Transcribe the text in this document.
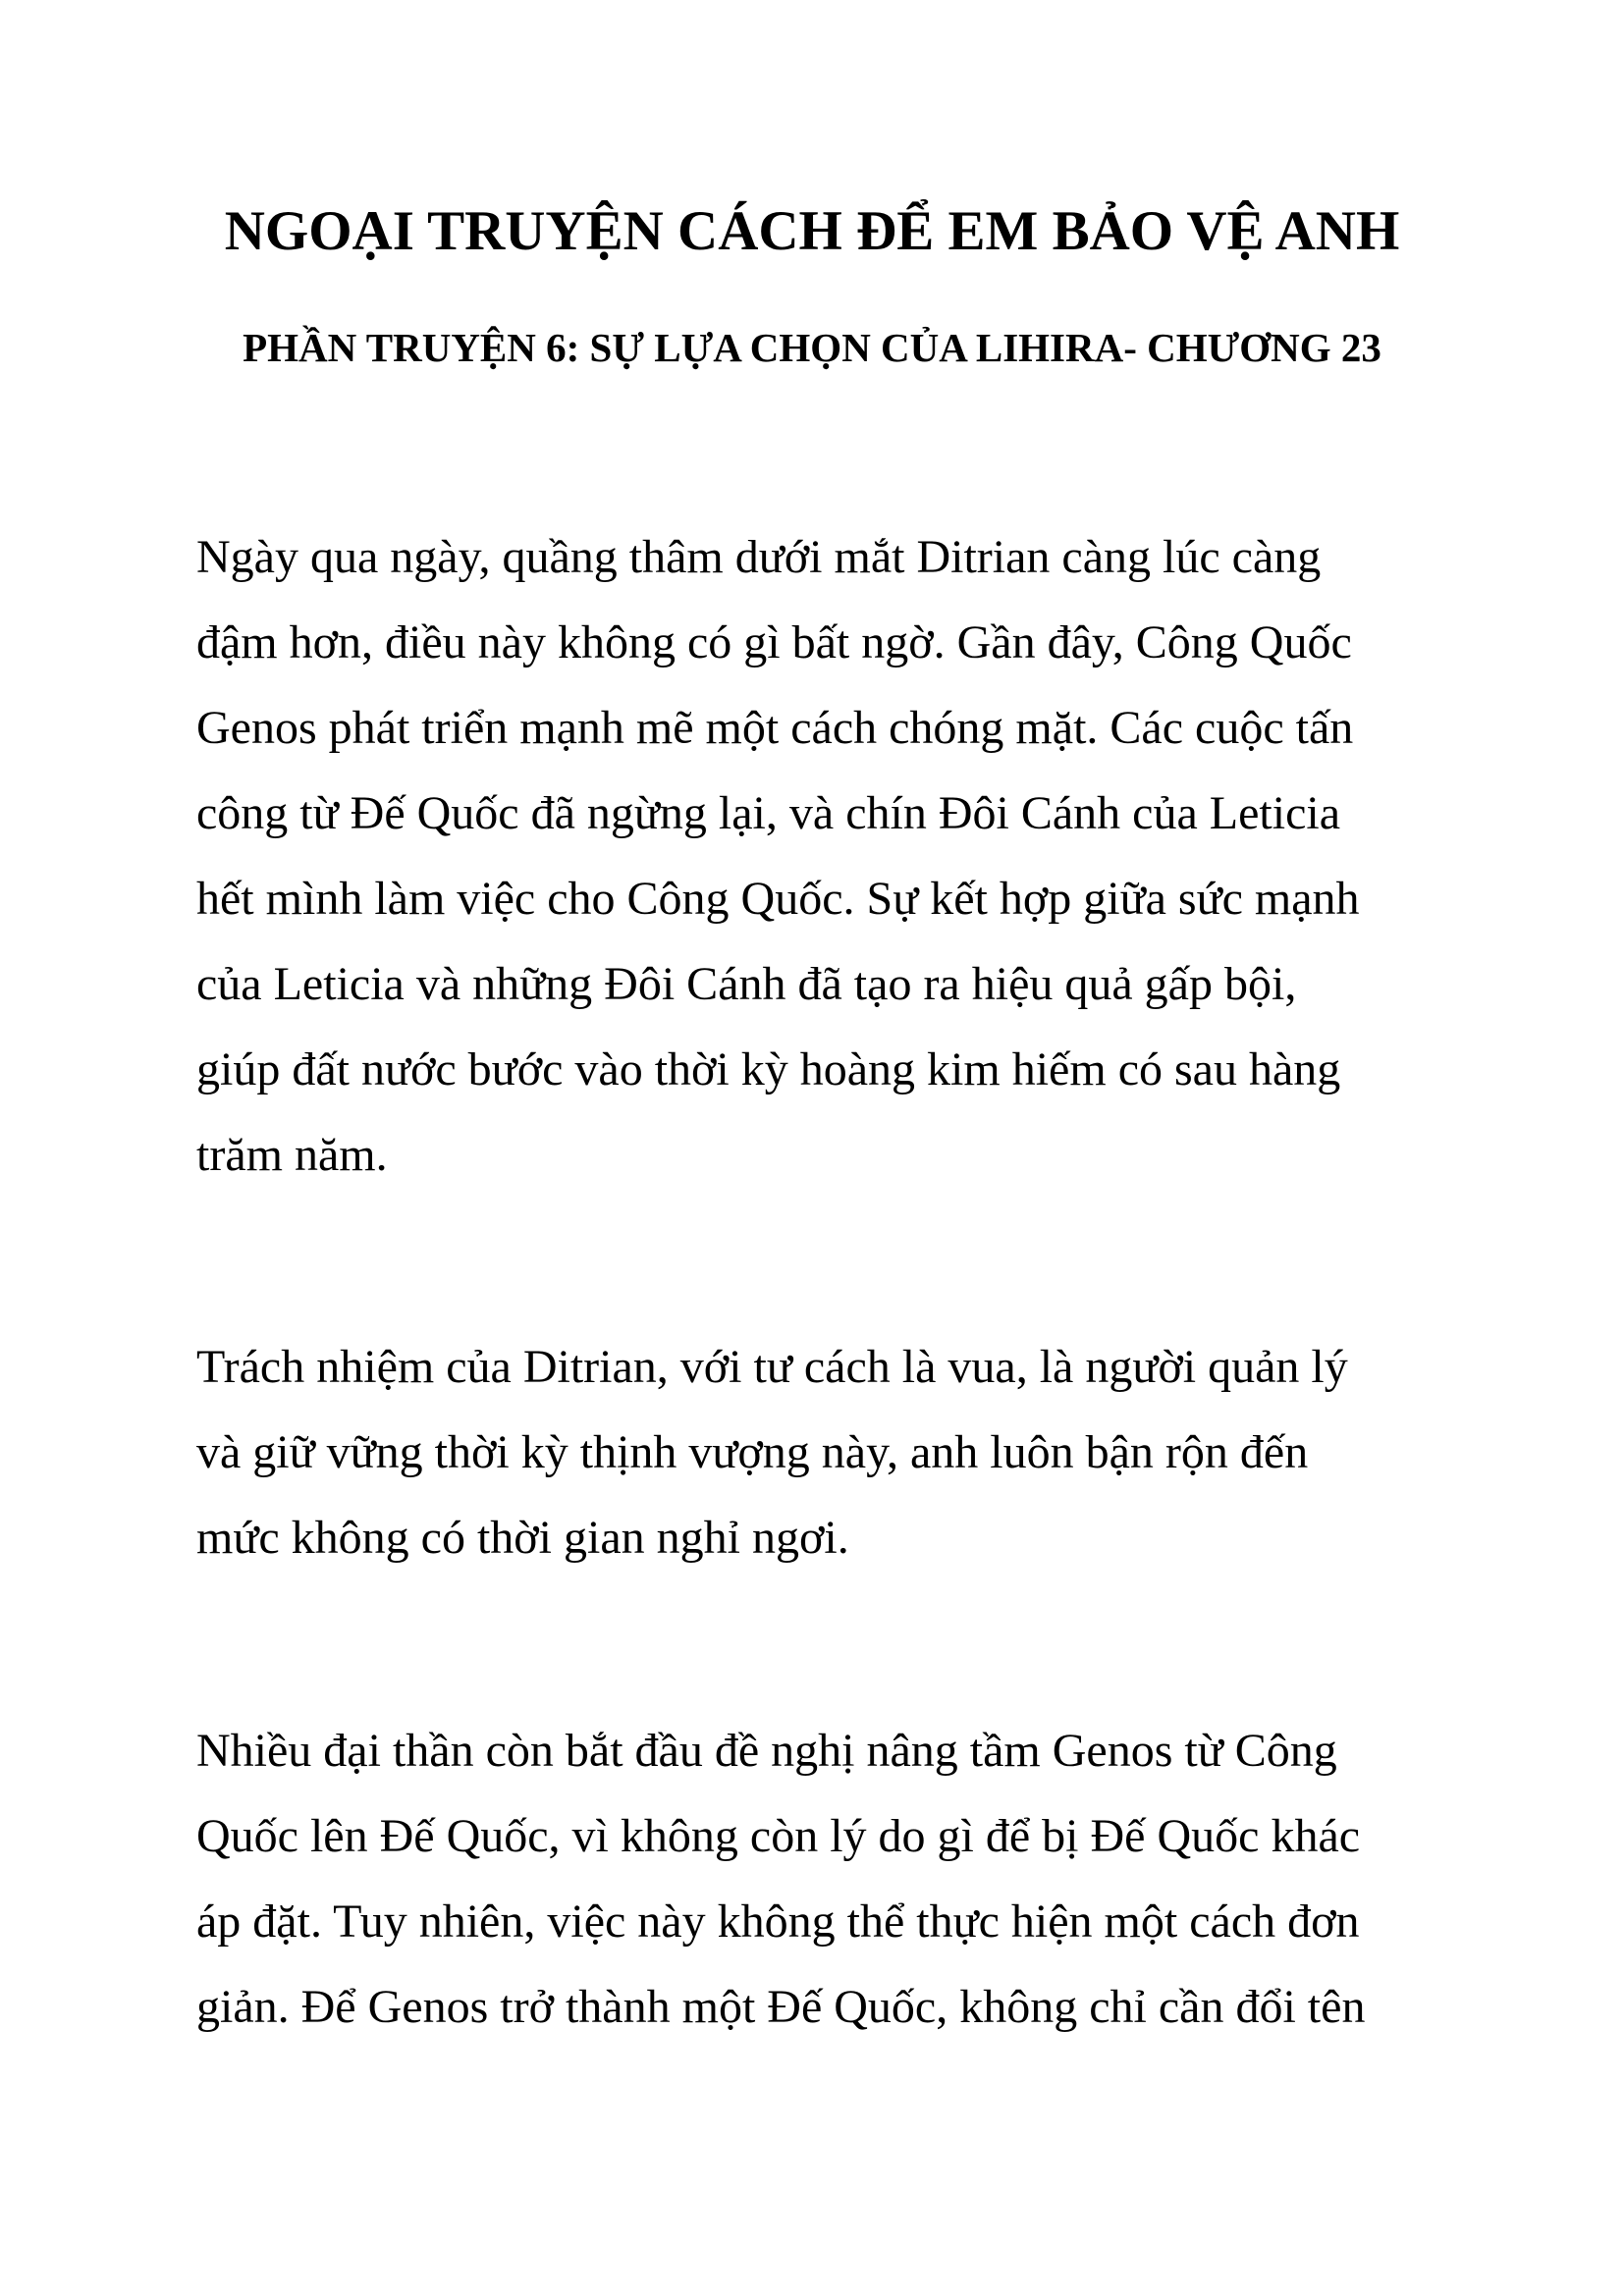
NGOẠI TRUYỆN CÁCH ĐỂ EM BẢO VỆ ANH
PHẦN TRUYỆN 6: SỰ LỰA CHỌN CỦA LIHIRA- CHƯƠNG 23

Ngày qua ngày, quầng thâm dưới mắt Ditrian càng lúc càng
đậm hơn, điều này không có gì bất ngờ. Gần đây, Công Quốc
Genos phát triển mạnh mẽ một cách chóng mặt. Các cuộc tấn
công từ Đế Quốc đã ngừng lại, và chín Đôi Cánh của Leticia
hết mình làm việc cho Công Quốc. Sự kết hợp giữa sức mạnh
của Leticia và những Đôi Cánh đã tạo ra hiệu quả gấp bội,
giúp đất nước bước vào thời kỳ hoàng kim hiếm có sau hàng
trăm năm.

Trách nhiệm của Ditrian, với tư cách là vua, là người quản lý
và giữ vững thời kỳ thịnh vượng này, anh luôn bận rộn đến
mức không có thời gian nghỉ ngơi.

Nhiều đại thần còn bắt đầu đề nghị nâng tầm Genos từ Công
Quốc lên Đế Quốc, vì không còn lý do gì để bị Đế Quốc khác
áp đặt. Tuy nhiên, việc này không thể thực hiện một cách đơn
giản. Để Genos trở thành một Đế Quốc, không chỉ cần đổi tên
